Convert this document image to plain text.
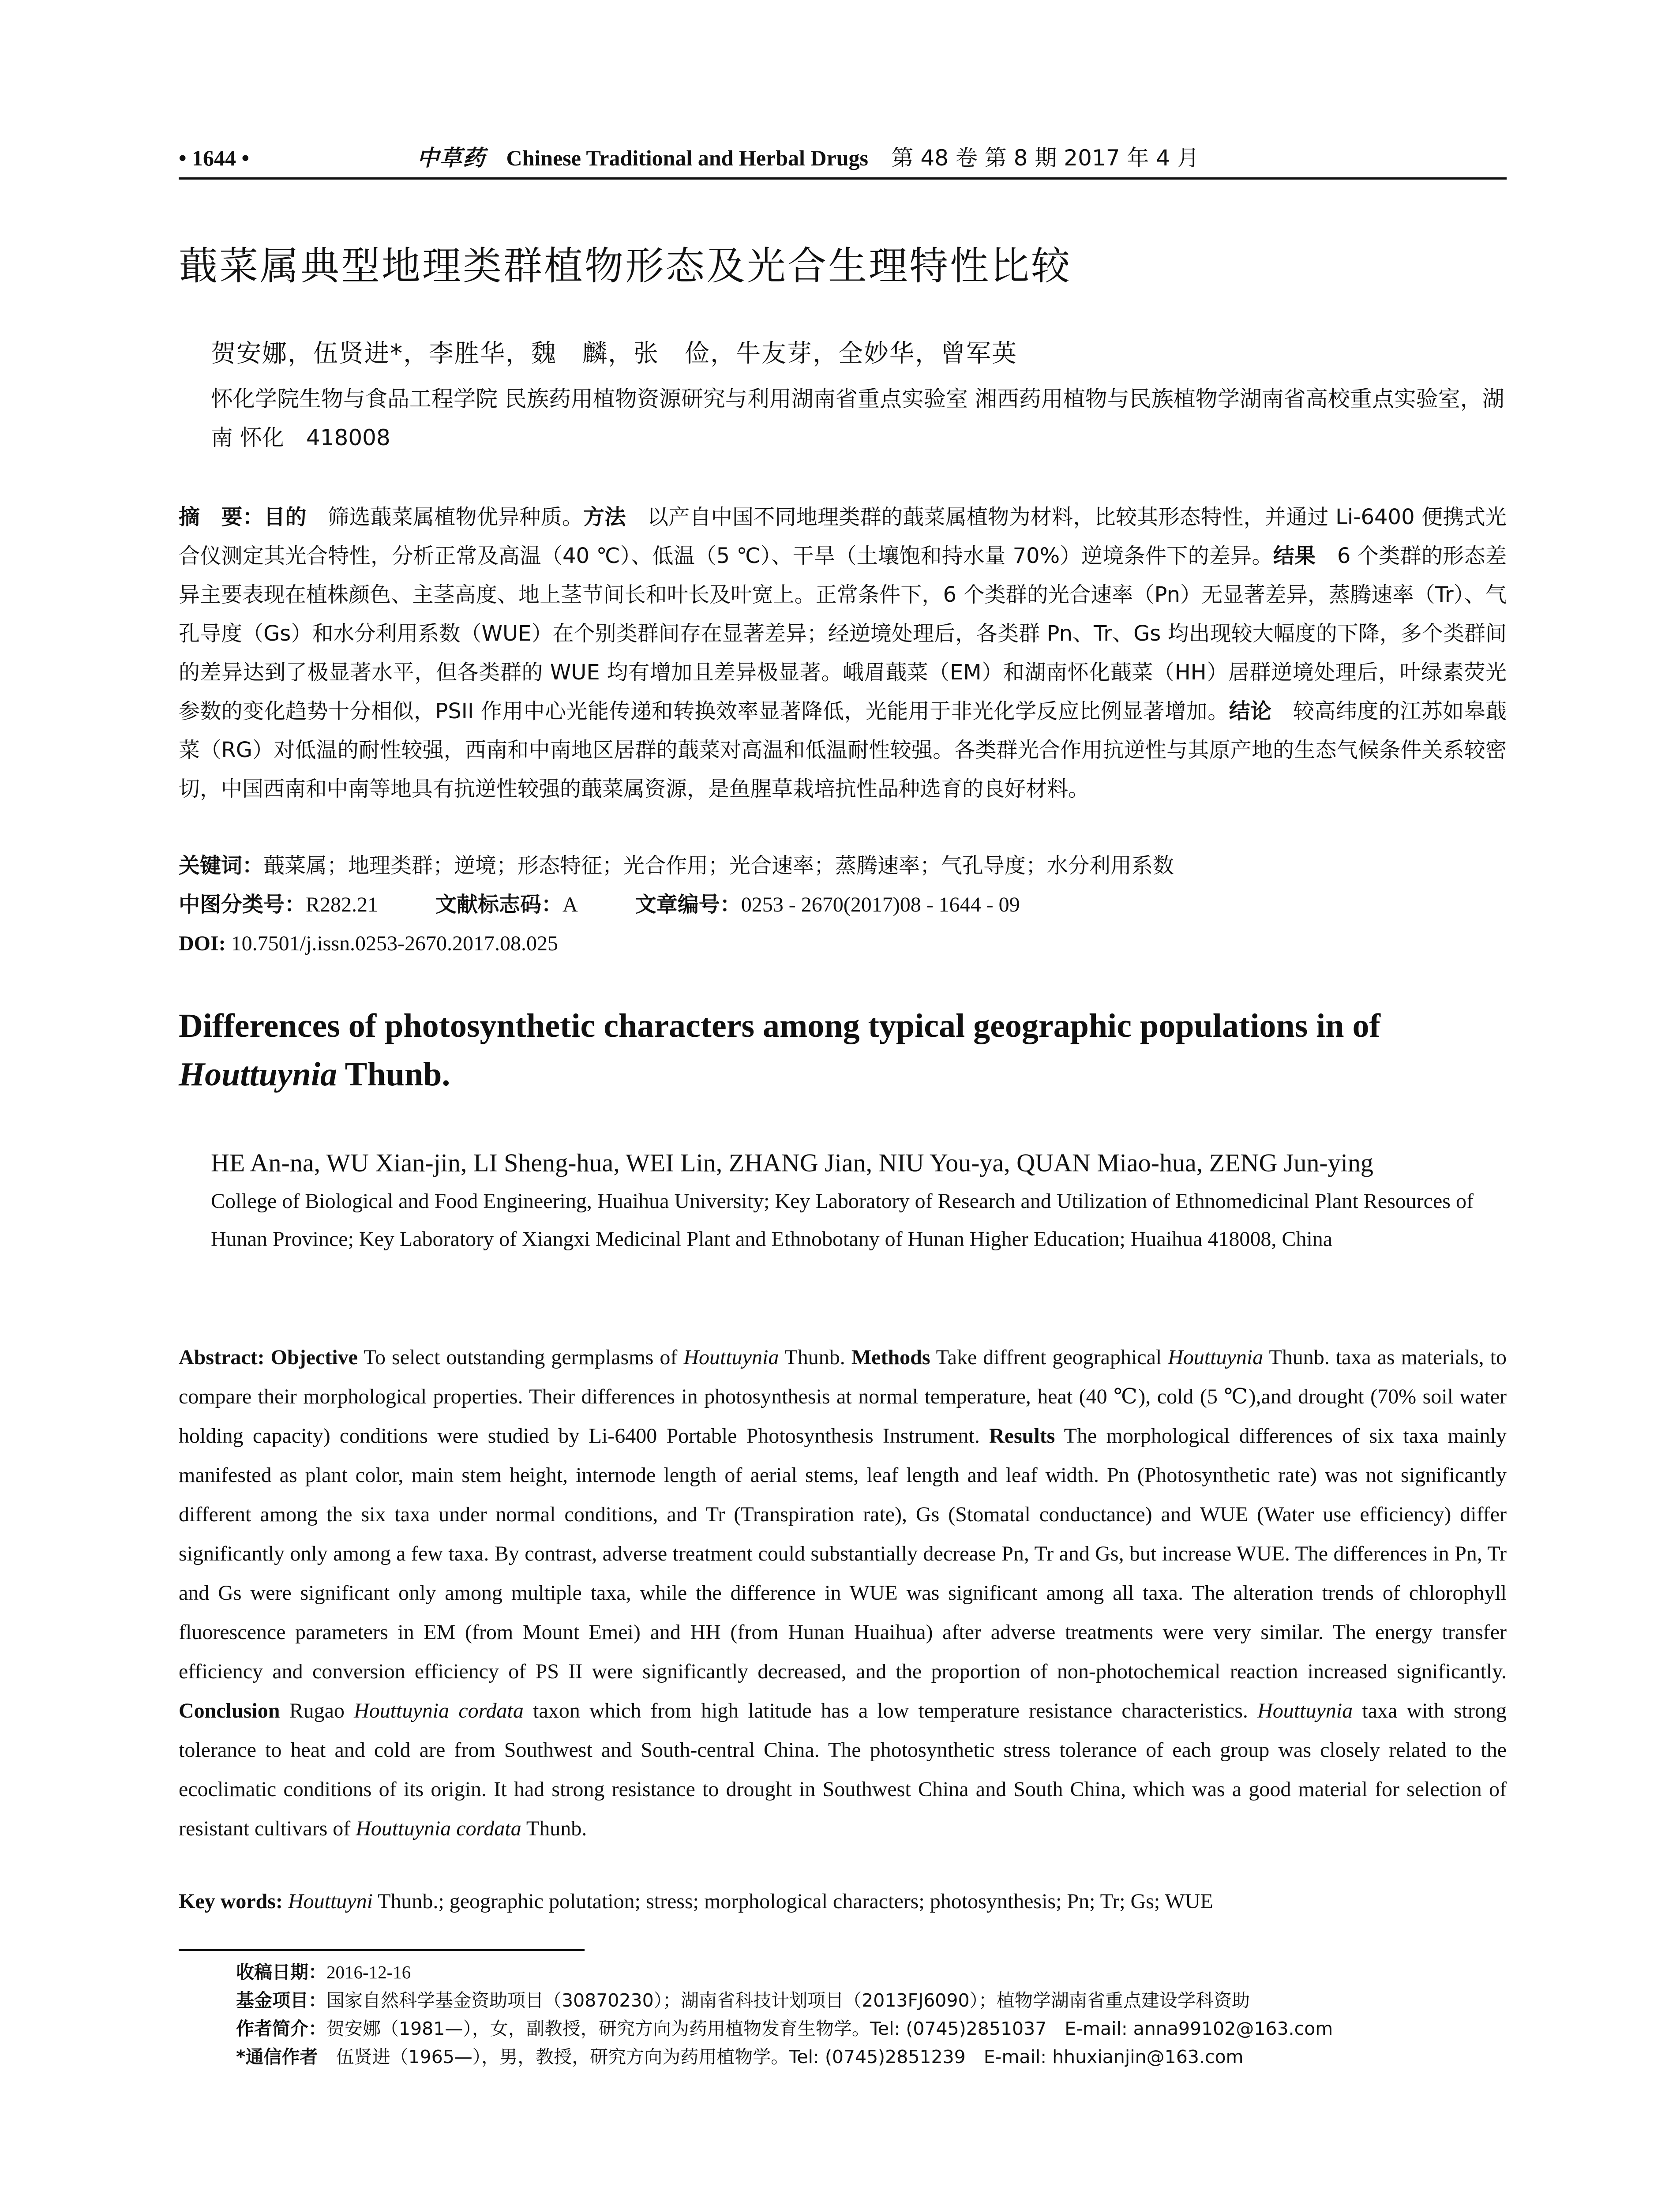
• 1644 •	中草药 Chinese Traditional and Herbal Drugs 第 48 卷 第 8 期 2017 年 4 月
蕺菜属典型地理类群植物形态及光合生理特性比较
贺安娜，伍贤进*，李胜华，魏　麟，张　俭，牛友芽，全妙华，曾军英
怀化学院生物与食品工程学院 民族药用植物资源研究与利用湖南省重点实验室 湘西药用植物与民族植物学湖南省高校重点实验室，湖南 怀化　418008

摘　要：目的　筛选蕺菜属植物优异种质。方法　以产自中国不同地理类群的蕺菜属植物为材料，比较其形态特性，并通过 Li-6400 便携式光合仪测定其光合特性，分析正常及高温（40 ℃）、低温（5 ℃）、干旱（土壤饱和持水量 70%）逆境条件下的差异。结果　6 个类群的形态差异主要表现在植株颜色、主茎高度、地上茎节间长和叶长及叶宽上。正常条件下，6 个类群的光合速率（Pn）无显著差异，蒸腾速率（Tr）、气孔导度（Gs）和水分利用系数（WUE）在个别类群间存在显著差异；经逆境处理后，各类群 Pn、Tr、Gs 均出现较大幅度的下降，多个类群间的差异达到了极显著水平，但各类群的 WUE 均有增加且差异极显著。峨眉蕺菜（EM）和湖南怀化蕺菜（HH）居群逆境处理后，叶绿素荧光参数的变化趋势十分相似，PSII 作用中心光能传递和转换效率显著降低，光能用于非光化学反应比例显著增加。结论　较高纬度的江苏如皋蕺菜（RG）对低温的耐性较强，西南和中南地区居群的蕺菜对高温和低温耐性较强。各类群光合作用抗逆性与其原产地的生态气候条件关系较密切，中国西南和中南等地具有抗逆性较强的蕺菜属资源，是鱼腥草栽培抗性品种选育的良好材料。

关键词：蕺菜属；地理类群；逆境；形态特征；光合作用；光合速率；蒸腾速率；气孔导度；水分利用系数
中图分类号：R282.21	文献标志码：A	文章编号：0253 - 2670(2017)08 - 1644 - 09
DOI: 10.7501/j.issn.0253-2670.2017.08.025
Differences of photosynthetic characters among typical geographic populations in of
Houttuynia Thunb.
HE An-na, WU Xian-jin, LI Sheng-hua, WEI Lin, ZHANG Jian, NIU You-ya, QUAN Miao-hua, ZENG Jun-ying
College of Biological and Food Engineering, Huaihua University; Key Laboratory of Research and Utilization of Ethnomedicinal Plant Resources of Hunan Province; Key Laboratory of Xiangxi Medicinal Plant and Ethnobotany of Hunan Higher Education; Huaihua 418008, China

Abstract: Objective To select outstanding germplasms of Houttuynia Thunb. Methods Take diffrent geographical Houttuynia Thunb. taxa as materials, to compare their morphological properties. Their differences in photosynthesis at normal temperature, heat (40 ℃), cold (5 ℃),and drought (70% soil water holding capacity) conditions were studied by Li-6400 Portable Photosynthesis Instrument. Results The morphological differences of six taxa mainly manifested as plant color, main stem height, internode length of aerial stems, leaf length and leaf width. Pn (Photosynthetic rate) was not significantly different among the six taxa under normal conditions, and Tr (Transpiration rate), Gs (Stomatal conductance) and WUE (Water use efficiency) differ significantly only among a few taxa. By contrast, adverse treatment could substantially decrease Pn, Tr and Gs, but increase WUE. The differences in Pn, Tr and Gs were significant only among multiple taxa, while the difference in WUE was significant among all taxa. The alteration trends of chlorophyll fluorescence parameters in EM (from Mount Emei) and HH (from Hunan Huaihua) after adverse treatments were very similar. The energy transfer efficiency and conversion efficiency of PS II were significantly decreased, and the proportion of non-photochemical reaction increased significantly. Conclusion Rugao Houttuynia cordata taxon which from high latitude has a low temperature resistance characteristics. Houttuynia taxa with strong tolerance to heat and cold are from Southwest and South-central China. The photosynthetic stress tolerance of each group was closely related to the ecoclimatic conditions of its origin. It had strong resistance to drought in Southwest China and South China, which was a good material for selection of resistant cultivars of Houttuynia cordata Thunb.

Key words: Houttuyni Thunb.; geographic polutation; stress; morphological characters; photosynthesis; Pn; Tr; Gs; WUE
收稿日期：2016-12-16
基金项目：国家自然科学基金资助项目（30870230）；湖南省科技计划项目（2013FJ6090）；植物学湖南省重点建设学科资助
作者简介：贺安娜（1981—），女，副教授，研究方向为药用植物发育生物学。Tel: (0745)2851037　E-mail: anna99102@163.com
*通信作者　伍贤进（1965—），男，教授，研究方向为药用植物学。Tel: (0745)2851239　E-mail: hhuxianjin@163.com
